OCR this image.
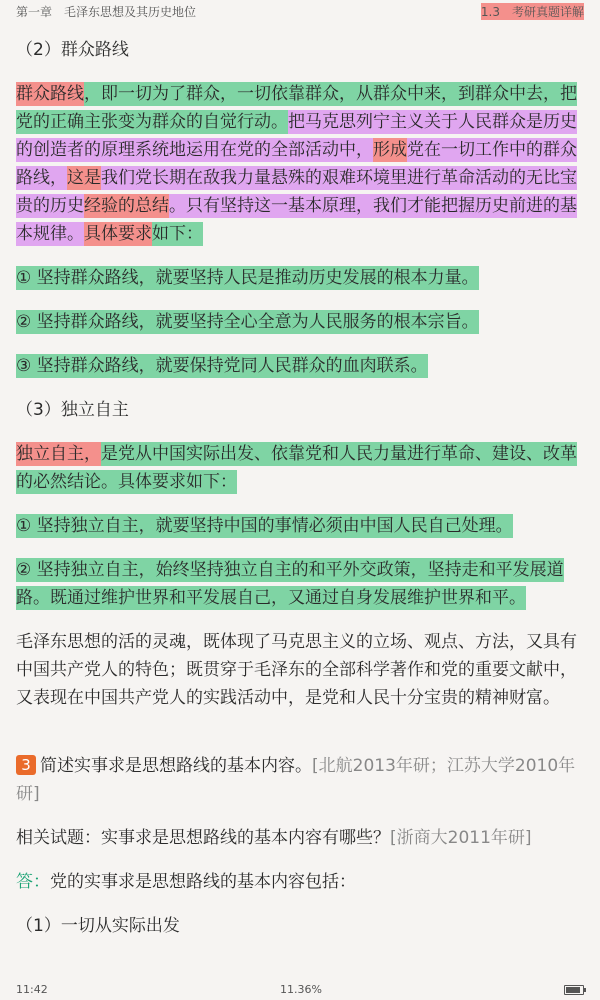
第一章　毛泽东思想及其历史地位	1.3　考研真题详解

（2）群众路线

群众路线，即一切为了群众，一切依靠群众，从群众中来，到群众中去，把党的正确主张变为群众的自觉行动。把马克思列宁主义关于人民群众是历史的创造者的原理系统地运用在党的全部活动中，形成党在一切工作中的群众路线，这是我们党长期在敌我力量悬殊的艰难环境里进行革命活动的无比宝贵的历史经验的总结。只有坚持这一基本原理，我们才能把握历史前进的基本规律。具体要求如下：

① 坚持群众路线，就要坚持人民是推动历史发展的根本力量。

② 坚持群众路线，就要坚持全心全意为人民服务的根本宗旨。

③ 坚持群众路线，就要保持党同人民群众的血肉联系。

（3）独立自主

独立自主，是党从中国实际出发、依靠党和人民力量进行革命、建设、改革的必然结论。具体要求如下：

① 坚持独立自主，就要坚持中国的事情必须由中国人民自己处理。

② 坚持独立自主，始终坚持独立自主的和平外交政策，坚持走和平发展道路。既通过维护世界和平发展自己，又通过自身发展维护世界和平。

毛泽东思想的活的灵魂，既体现了马克思主义的立场、观点、方法，又具有中国共产党人的特色；既贯穿于毛泽东的全部科学著作和党的重要文献中，又表现在中国共产党人的实践活动中，是党和人民十分宝贵的精神财富。

3 简述实事求是思想路线的基本内容。[北航2013年研；江苏大学2010年研]

相关试题：实事求是思想路线的基本内容有哪些？[浙商大2011年研]

答：党的实事求是思想路线的基本内容包括：

（1）一切从实际出发

11:42	11.36%
